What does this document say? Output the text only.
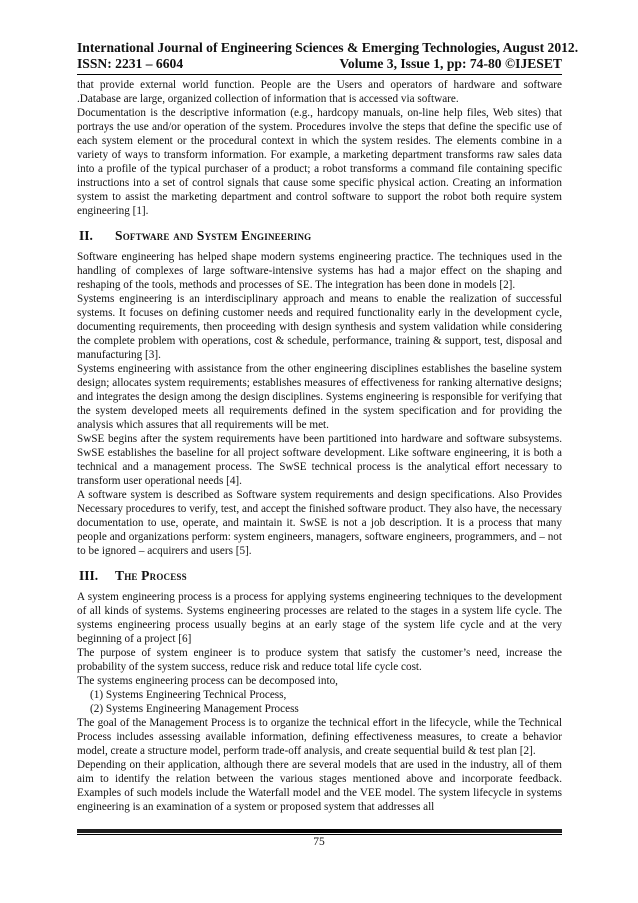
International Journal of Engineering Sciences & Emerging Technologies, August 2012.
ISSN: 2231 – 6604	Volume 3, Issue 1, pp: 74-80 ©IJESET

that provide external world function. People are the Users and operators of hardware and software .Database are large, organized collection of information that is accessed via software.

Documentation is the descriptive information (e.g., hardcopy manuals, on-line help files, Web sites) that portrays the use and/or operation of the system. Procedures involve the steps that define the specific use of each system element or the procedural context in which the system resides. The elements combine in a variety of ways to transform information. For example, a marketing department transforms raw sales data into a profile of the typical purchaser of a product; a robot transforms a command file containing specific instructions into a set of control signals that cause some specific physical action. Creating an information system to assist the marketing department and control software to support the robot both require system engineering [1].

II.	Software and System Engineering

Software engineering has helped shape modern systems engineering practice. The techniques used in the handling of complexes of large software-intensive systems has had a major effect on the shaping and reshaping of the tools, methods and processes of SE. The integration has been done in models [2].

Systems engineering is an interdisciplinary approach and means to enable the realization of successful systems. It focuses on defining customer needs and required functionality early in the development cycle, documenting requirements, then proceeding with design synthesis and system validation while considering the complete problem with operations, cost & schedule, performance, training & support, test, disposal and manufacturing [3].

Systems engineering with assistance from the other engineering disciplines establishes the baseline system design; allocates system requirements; establishes measures of effectiveness for ranking alternative designs; and integrates the design among the design disciplines. Systems engineering is responsible for verifying that the system developed meets all requirements defined in the system specification and for providing the analysis which assures that all requirements will be met.

SwSE begins after the system requirements have been partitioned into hardware and software subsystems. SwSE establishes the baseline for all project software development. Like software engineering, it is both a technical and a management process. The SwSE technical process is the analytical effort necessary to transform user operational needs [4].

A software system is described as Software system requirements and design specifications. Also Provides Necessary procedures to verify, test, and accept the finished software product. They also have, the necessary documentation to use, operate, and maintain it. SwSE is not a job description. It is a process that many people and organizations perform: system engineers, managers, software engineers, programmers, and – not to be ignored – acquirers and users [5].

III.	The Process

A system engineering process is a process for applying systems engineering techniques to the development of all kinds of systems. Systems engineering processes are related to the stages in a system life cycle. The systems engineering process usually begins at an early stage of the system life cycle and at the very beginning of a project [6]

The purpose of system engineer is to produce system that satisfy the customer’s need, increase the probability of the system success, reduce risk and reduce total life cycle cost.

The systems engineering process can be decomposed into,

(1) Systems Engineering Technical Process,

(2) Systems Engineering Management Process

The goal of the Management Process is to organize the technical effort in the lifecycle, while the Technical Process includes assessing available information, defining effectiveness measures, to create a behavior model, create a structure model, perform trade-off analysis, and create sequential build & test plan [2].

Depending on their application, although there are several models that are used in the industry, all of them aim to identify the relation between the various stages mentioned above and incorporate feedback. Examples of such models include the Waterfall model and the VEE model. The system lifecycle in systems engineering is an examination of a system or proposed system that addresses all

75
